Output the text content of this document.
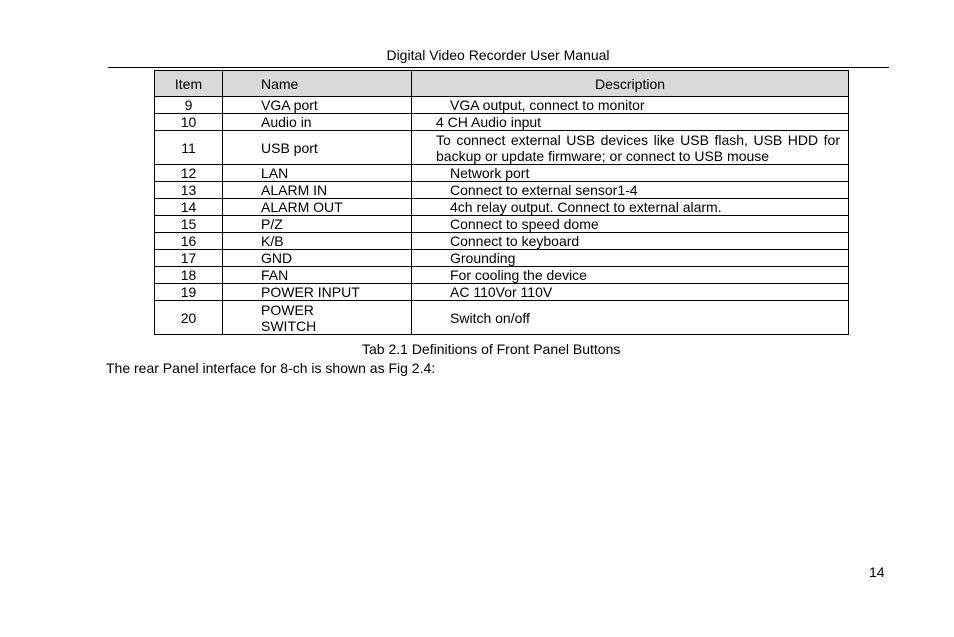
Digital Video Recorder User Manual
Item	Name	Description
9	VGA port	VGA output, connect to monitor
10	Audio in	4 CH Audio input
11	USB port	To connect external USB devices like USB flash, USB HDD for backup or update firmware; or connect to USB mouse
12	LAN	Network port
13	ALARM IN	Connect to external sensor1-4
14	ALARM OUT	4ch relay output. Connect to external alarm.
15	P/Z	Connect to speed dome
16	K/B	Connect to keyboard
17	GND	Grounding
18	FAN	For cooling the device
19	POWER INPUT	AC 110Vor 110V
20	POWER SWITCH	Switch on/off
Tab 2.1 Definitions of Front Panel Buttons
The rear Panel interface for 8-ch is shown as Fig 2.4:
14
